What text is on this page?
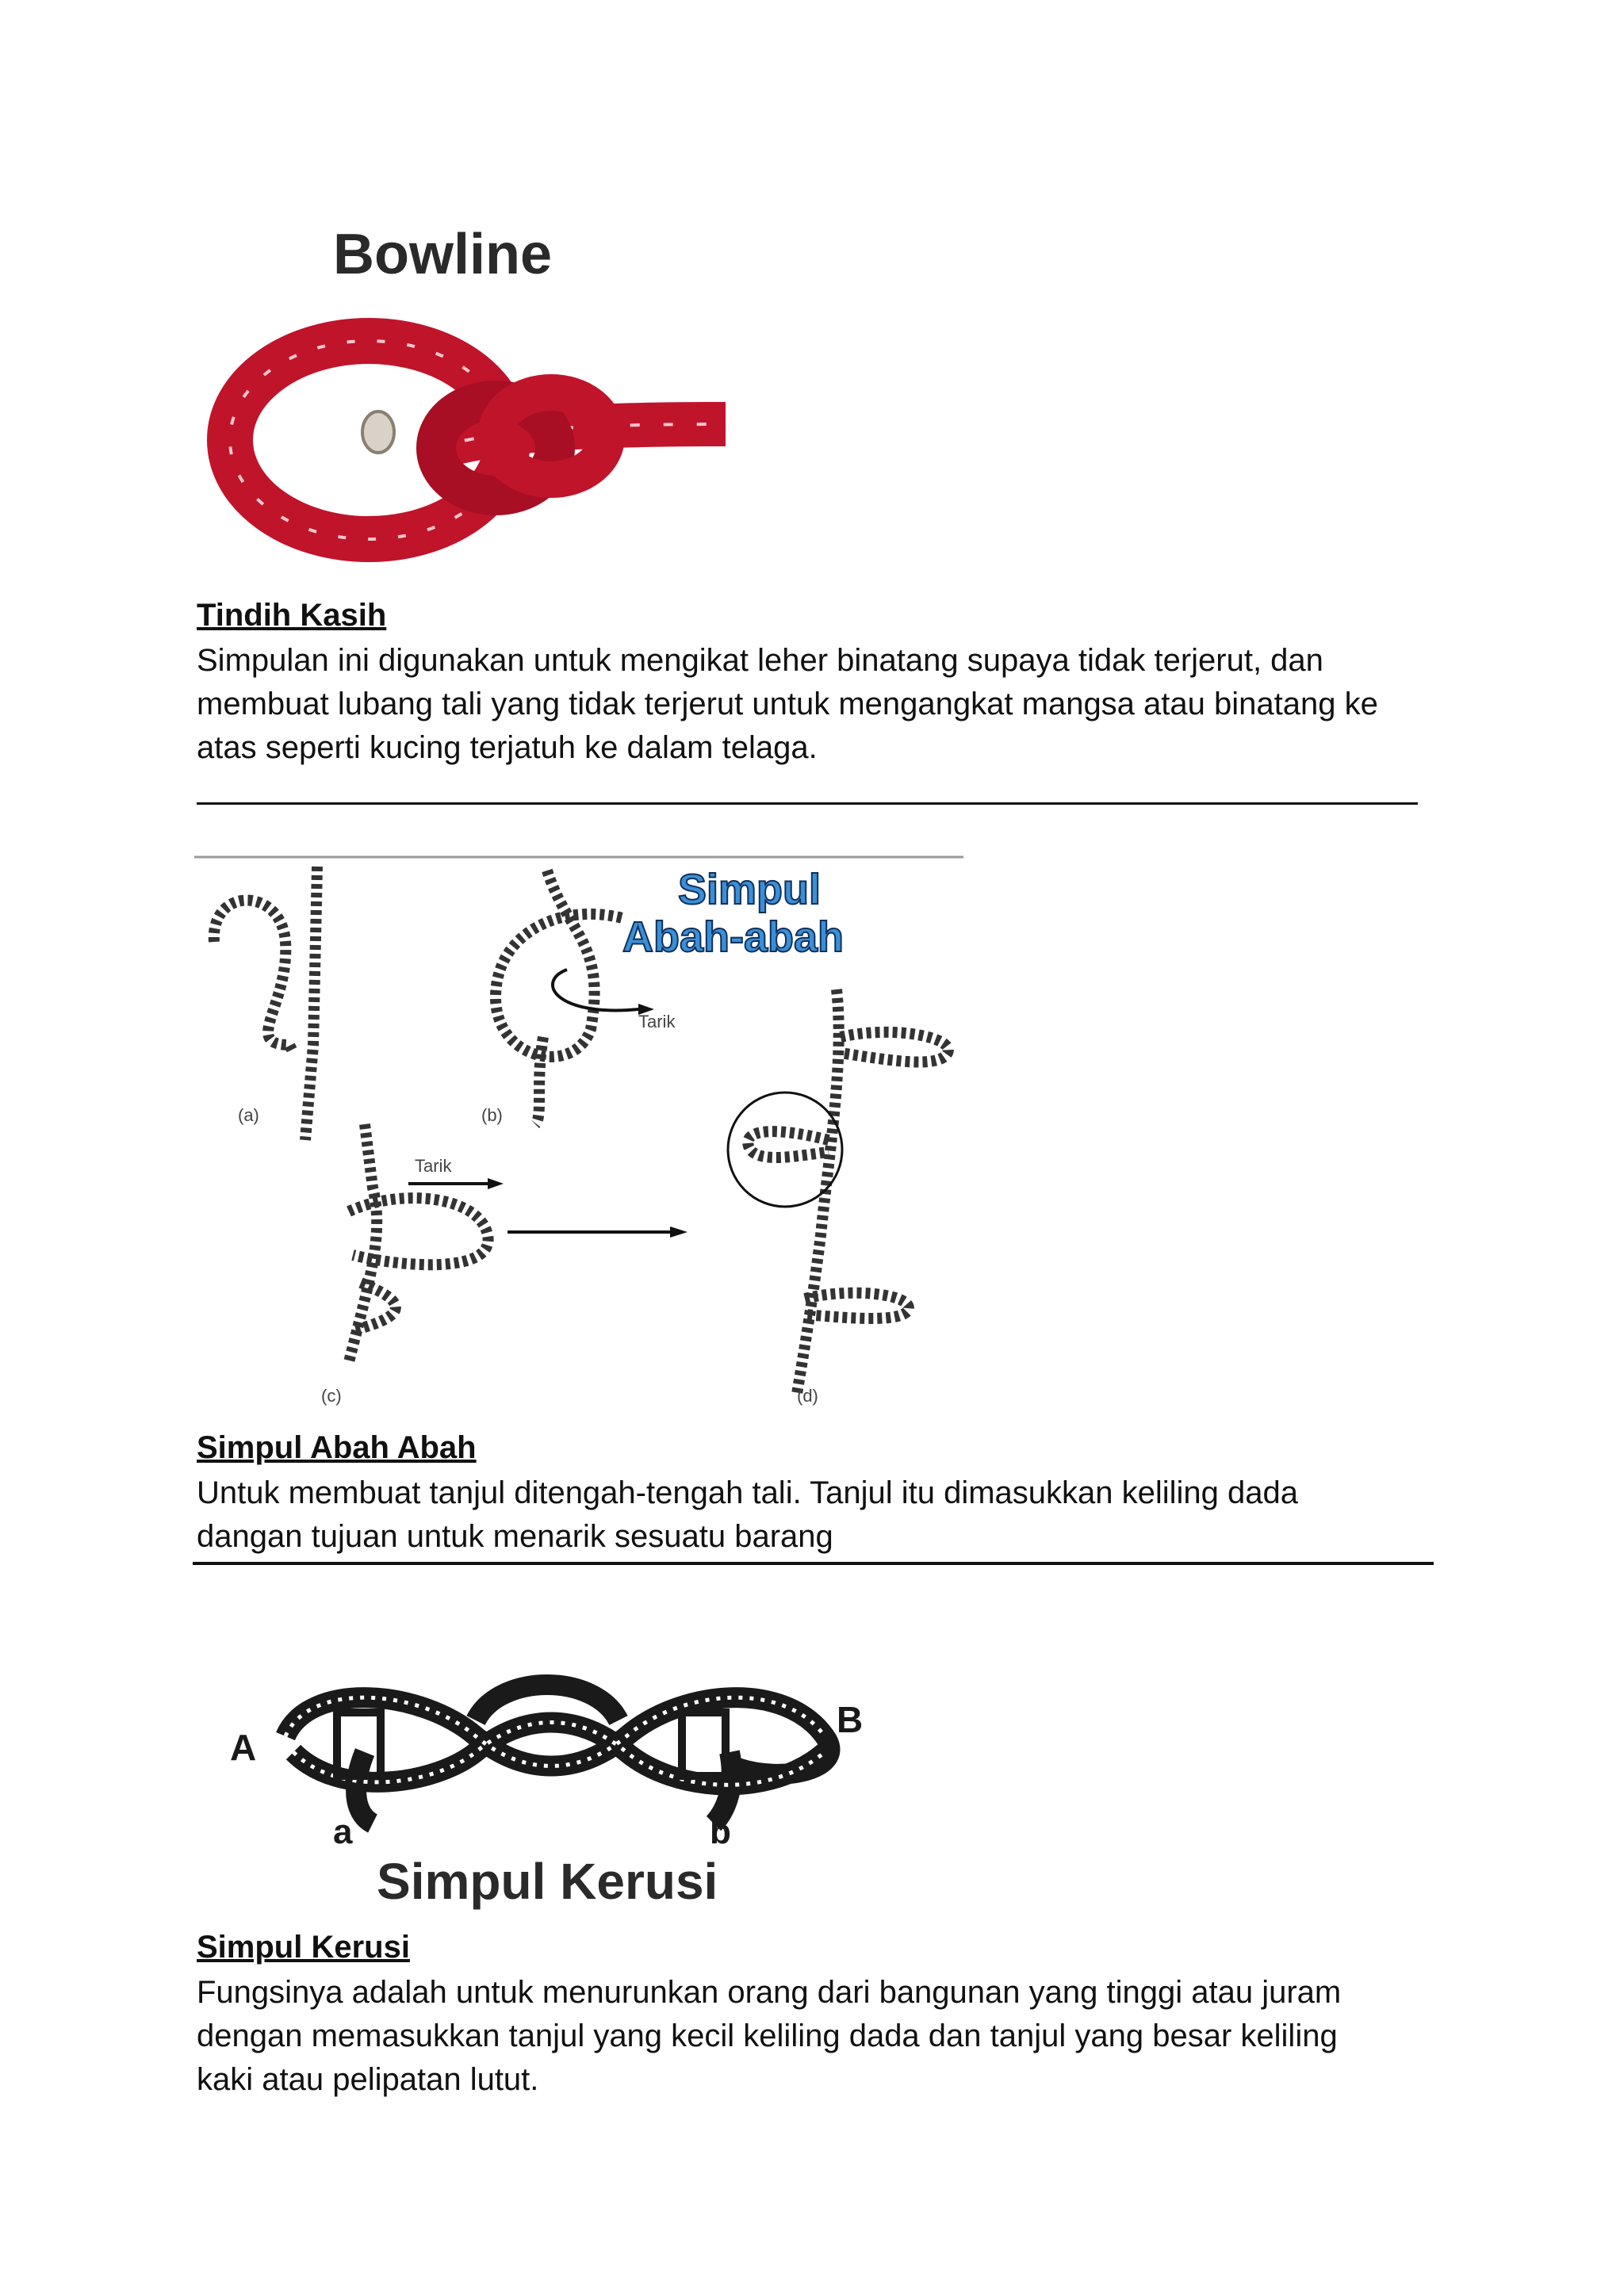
Bowline
Tindih Kasih
Simpulan ini digunakan untuk mengikat leher binatang supaya tidak terjerut, dan
membuat lubang tali yang tidak terjerut untuk mengangkat mangsa atau binatang ke
atas seperti kucing terjatuh ke dalam telaga.
Simpul
Abah-abah
(a)
Tarik
(b)
Tarik
(c)	(d)
Simpul Abah Abah
Untuk membuat tanjul ditengah-tengah tali. Tanjul itu dimasukkan keliling dada
dangan tujuan untuk menarik sesuatu barang
A
B
a	b
Simpul Kerusi
Simpul Kerusi
Fungsinya adalah untuk menurunkan orang dari bangunan yang tinggi atau juram
dengan memasukkan tanjul yang kecil keliling dada dan tanjul yang besar keliling
kaki atau pelipatan lutut.
